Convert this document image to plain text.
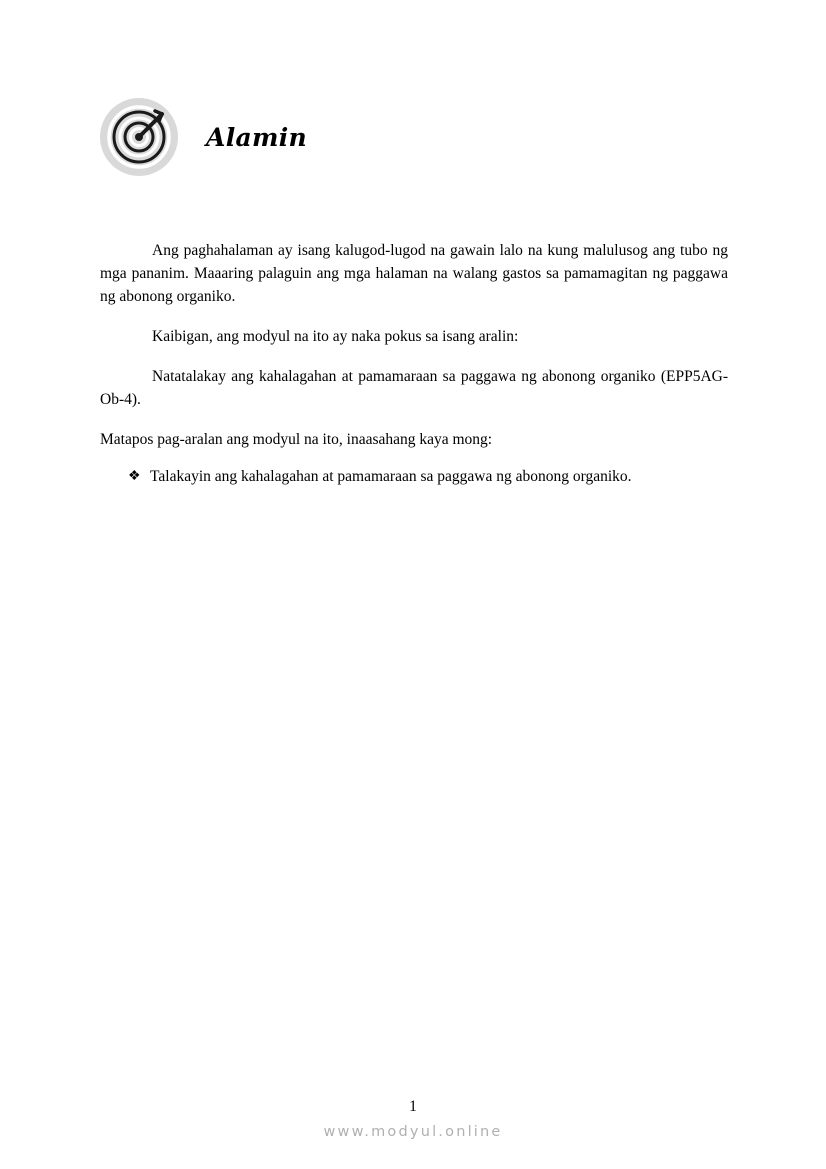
Alamin

Ang paghahalaman ay isang kalugod-lugod na gawain lalo na kung malulusog ang tubo ng mga pananim. Maaaring palaguin ang mga halaman na walang gastos sa pamamagitan ng paggawa ng abonong organiko.

Kaibigan, ang modyul na ito ay naka pokus sa isang aralin:

Natatalakay ang kahalagahan at pamamaraan sa paggawa ng abonong organiko (EPP5AG-Ob-4).

Matapos pag-aralan ang modyul na ito, inaasahang kaya mong:

❖ Talakayin ang kahalagahan at pamamaraan sa paggawa ng abonong organiko.
1
www.modyul.online
